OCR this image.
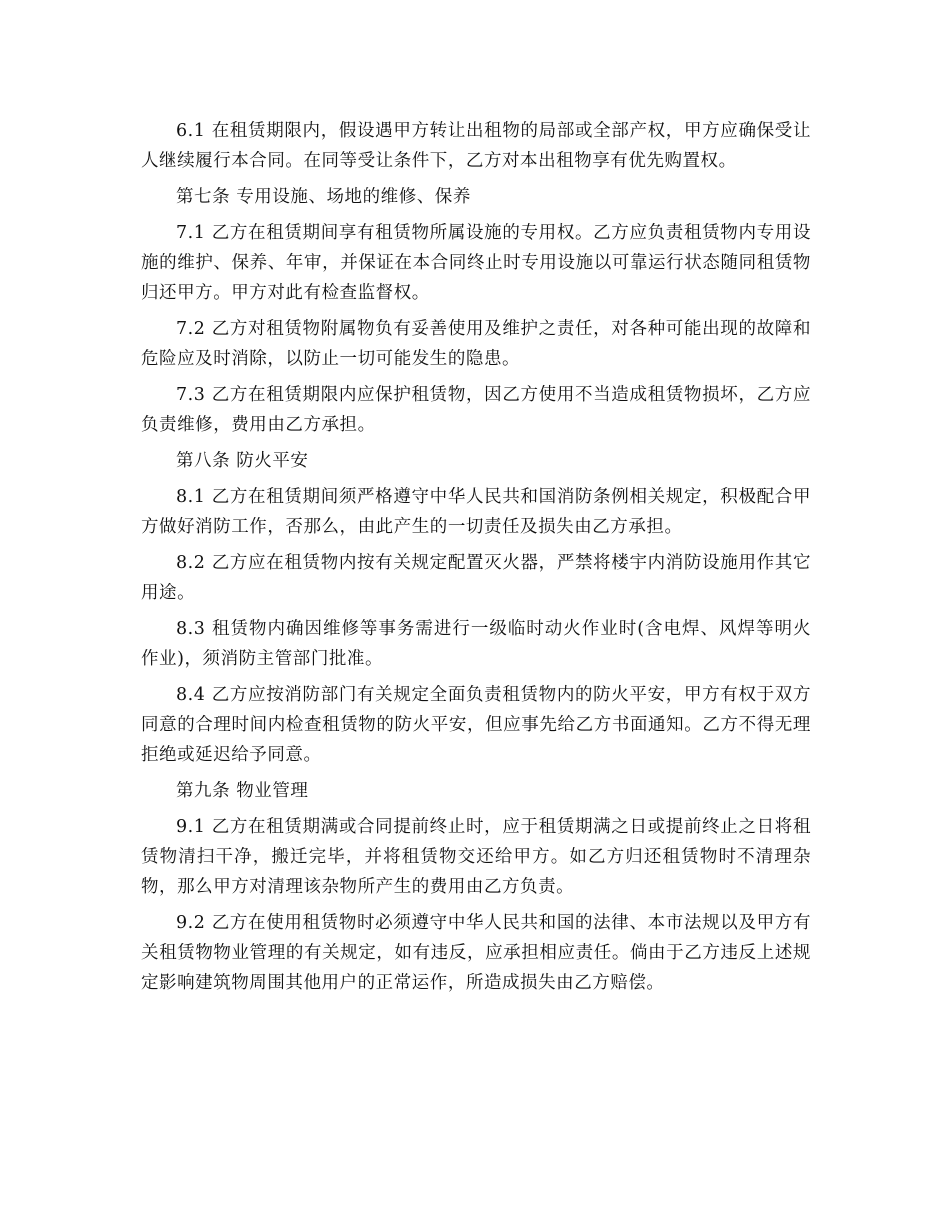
6.1 在租赁期限内，假设遇甲方转让出租物的局部或全部产权，甲方应确保受让人继续履行本合同。在同等受让条件下，乙方对本出租物享有优先购置权。

第七条 专用设施、场地的维修、保养

7.1 乙方在租赁期间享有租赁物所属设施的专用权。乙方应负责租赁物内专用设施的维护、保养、年审，并保证在本合同终止时专用设施以可靠运行状态随同租赁物归还甲方。甲方对此有检查监督权。

7.2 乙方对租赁物附属物负有妥善使用及维护之责任，对各种可能出现的故障和危险应及时消除，以防止一切可能发生的隐患。

7.3 乙方在租赁期限内应保护租赁物，因乙方使用不当造成租赁物损坏，乙方应负责维修，费用由乙方承担。

第八条 防火平安

8.1 乙方在租赁期间须严格遵守中华人民共和国消防条例相关规定，积极配合甲方做好消防工作，否那么，由此产生的一切责任及损失由乙方承担。

8.2 乙方应在租赁物内按有关规定配置灭火器，严禁将楼宇内消防设施用作其它用途。

8.3 租赁物内确因维修等事务需进行一级临时动火作业时(含电焊、风焊等明火作业)，须消防主管部门批准。

8.4 乙方应按消防部门有关规定全面负责租赁物内的防火平安，甲方有权于双方同意的合理时间内检查租赁物的防火平安，但应事先给乙方书面通知。乙方不得无理拒绝或延迟给予同意。

第九条 物业管理

9.1 乙方在租赁期满或合同提前终止时，应于租赁期满之日或提前终止之日将租赁物清扫干净，搬迁完毕，并将租赁物交还给甲方。如乙方归还租赁物时不清理杂物，那么甲方对清理该杂物所产生的费用由乙方负责。

9.2 乙方在使用租赁物时必须遵守中华人民共和国的法律、本市法规以及甲方有关租赁物物业管理的有关规定，如有违反，应承担相应责任。倘由于乙方违反上述规定影响建筑物周围其他用户的正常运作，所造成损失由乙方赔偿。
